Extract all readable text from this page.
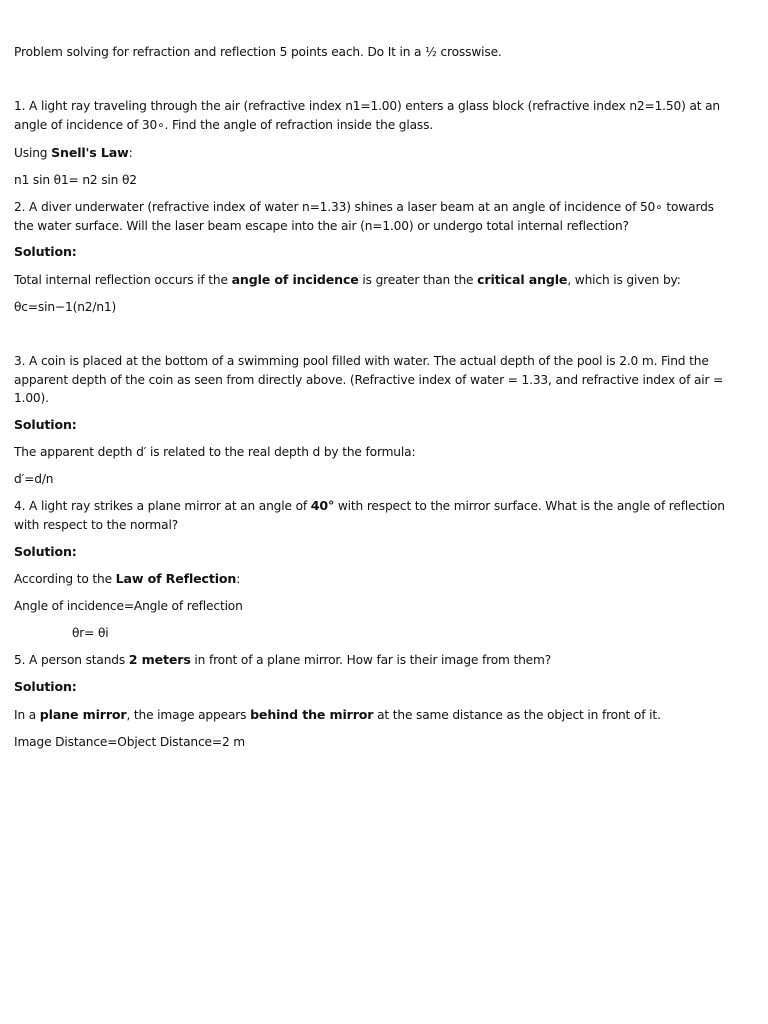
Problem solving for refraction and reflection 5 points each. Do It in a ½ crosswise.

1. A light ray traveling through the air (refractive index n1=1.00) enters a glass block (refractive index n2=1.50) at an angle of incidence of 30∘. Find the angle of refraction inside the glass.

Using Snell's Law:

n1 sin θ1= n2 sin θ2

2. A diver underwater (refractive index of water n=1.33) shines a laser beam at an angle of incidence of 50∘ towards the water surface. Will the laser beam escape into the air (n=1.00) or undergo total internal reflection?

Solution:

Total internal reflection occurs if the angle of incidence is greater than the critical angle, which is given by:

θc=sin−1(n2/n1)

3. A coin is placed at the bottom of a swimming pool filled with water. The actual depth of the pool is 2.0 m. Find the apparent depth of the coin as seen from directly above. (Refractive index of water = 1.33, and refractive index of air = 1.00).

Solution:

The apparent depth d′ is related to the real depth d by the formula:

d′=d/n

4. A light ray strikes a plane mirror at an angle of 40° with respect to the mirror surface. What is the angle of reflection with respect to the normal?

Solution:

According to the Law of Reflection:

Angle of incidence=Angle of reflection

θr= θi

5. A person stands 2 meters in front of a plane mirror. How far is their image from them?

Solution:

In a plane mirror, the image appears behind the mirror at the same distance as the object in front of it.

Image Distance=Object Distance=2 m
